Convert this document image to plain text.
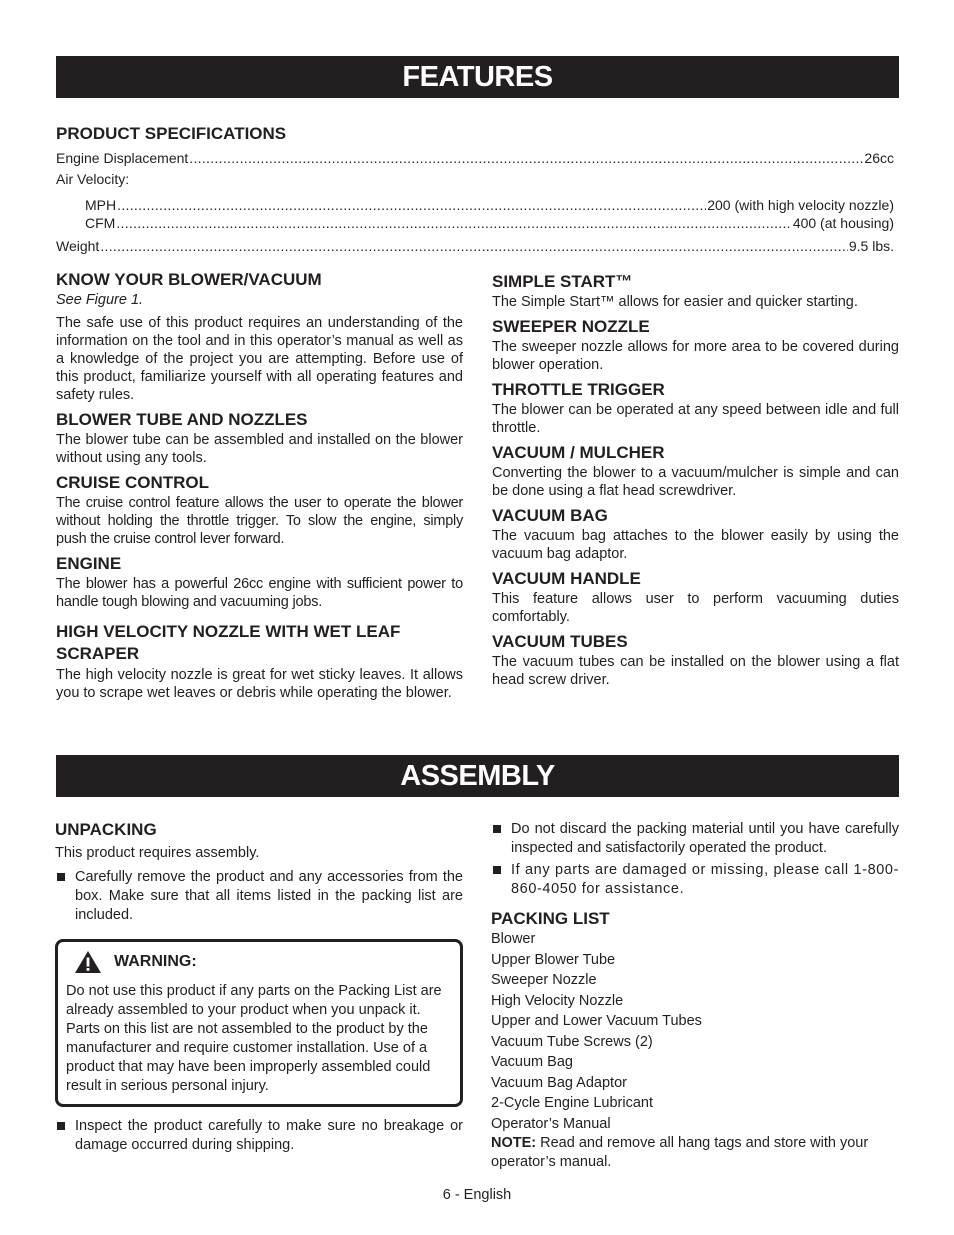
FEATURES
PRODUCT SPECIFICATIONS
Engine Displacement .....	26cc
Air Velocity:
MPH .....	200 (with high velocity nozzle)
CFM .....	400 (at housing)
Weight .....	9.5 lbs.
KNOW YOUR BLOWER/VACUUM

See Figure 1.

The safe use of this product requires an understanding of the information on the tool and in this operator’s manual as well as a knowledge of the project you are attempting. Before use of this product, familiarize yourself with all operating features and safety rules.

BLOWER TUBE AND NOZZLES

The blower tube can be assembled and installed on the blower without using any tools.

CRUISE CONTROL

The cruise control feature allows the user to operate the blower without holding the throttle trigger. To slow the engine, simply push the cruise control lever forward.

ENGINE

The blower has a powerful 26cc engine with sufficient power to handle tough blowing and vacuuming jobs.

HIGH VELOCITY NOZZLE WITH WET LEAF SCRAPER

The high velocity nozzle is great for wet sticky leaves. It allows you to scrape wet leaves or debris while operating the blower.

SIMPLE START™

The Simple Start™ allows for easier and quicker starting.

SWEEPER NOZZLE

The sweeper nozzle allows for more area to be covered during blower operation.

THROTTLE TRIGGER

The blower can be operated at any speed between idle and full throttle.

VACUUM / MULCHER

Converting the blower to a vacuum/mulcher is simple and can be done using a flat head screwdriver.

VACUUM BAG

The vacuum bag attaches to the blower easily by using the vacuum bag adaptor.

VACUUM HANDLE

This feature allows user to perform vacuuming duties comfortably.

VACUUM TUBES

The vacuum tubes can be installed on the blower using a flat head screw driver.

ASSEMBLY
UNPACKING

This product requires assembly.

Carefully remove the product and any accessories from the box. Make sure that all items listed in the packing list are included.
WARNING:

Do not use this product if any parts on the Packing List are already assembled to your product when you unpack it. Parts on this list are not assembled to the product by the manufacturer and require customer installation. Use of a product that may have been improperly assembled could result in serious personal injury.

Inspect the product carefully to make sure no breakage or damage occurred during shipping.
Do not discard the packing material until you have carefully inspected and satisfactorily operated the product.
If any parts are damaged or missing, please call 1-800-860-4050 for assistance.
PACKING LIST
Blower
Upper Blower Tube
Sweeper Nozzle
High Velocity Nozzle
Upper and Lower Vacuum Tubes
Vacuum Tube Screws (2)
Vacuum Bag
Vacuum Bag Adaptor
2-Cycle Engine Lubricant
Operator’s Manual

NOTE: Read and remove all hang tags and store with your operator’s manual.

6 - English
